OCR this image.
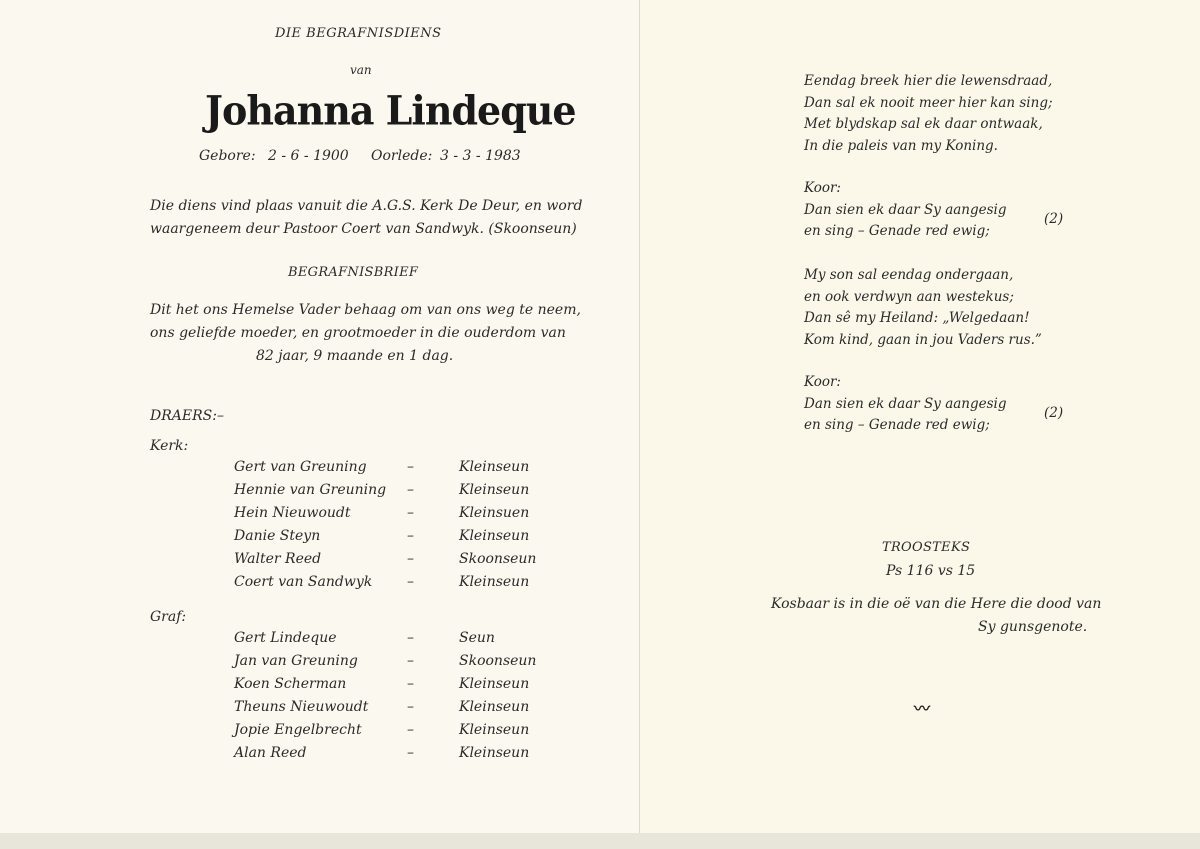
DIE BEGRAFNISDIENS
van
Johanna Lindeque
Gebore: 2 - 6 - 1900 Oorlede: 3 - 3 - 1983
Die diens vind plaas vanuit die A.G.S. Kerk De Deur, en word
waargeneem deur Pastoor Coert van Sandwyk. (Skoonseun)
BEGRAFNISBRIEF
Dit het ons Hemelse Vader behaag om van ons weg te neem,
ons geliefde moeder, en grootmoeder in die ouderdom van
82 jaar, 9 maande en 1 dag.
DRAERS:–
Kerk:
Gert van Greuning	–	Kleinseun
Hennie van Greuning –	Kleinseun
Hein Nieuwoudt	–	Kleinsuen
Danie Steyn	–	Kleinseun
Walter Reed	–	Skoonseun
Coert van Sandwyk –	Kleinseun
Graf:
Gert Lindeque	–	Seun
Jan van Greuning	–	Skoonseun
Koen Scherman	–	Kleinseun
Theuns Nieuwoudt	–	Kleinseun
Jopie Engelbrecht	–	Kleinseun
Alan Reed	–	Kleinseun
Eendag breek hier die lewensdraad,
Dan sal ek nooit meer hier kan sing;
Met blydskap sal ek daar ontwaak,
In die paleis van my Koning.
Koor:
Dan sien ek daar Sy aangesig
en sing – Genade red ewig;
(2)
My son sal eendag ondergaan,
en ook verdwyn aan westekus;
Dan sê my Heiland: „Welgedaan!
Kom kind, gaan in jou Vaders rus.”
Koor:
Dan sien ek daar Sy aangesig
en sing – Genade red ewig;
(2)
TROOSTEKS
Ps 116 vs 15
Kosbaar is in die oë van die Here die dood van
Sy gunsgenote.
〰
